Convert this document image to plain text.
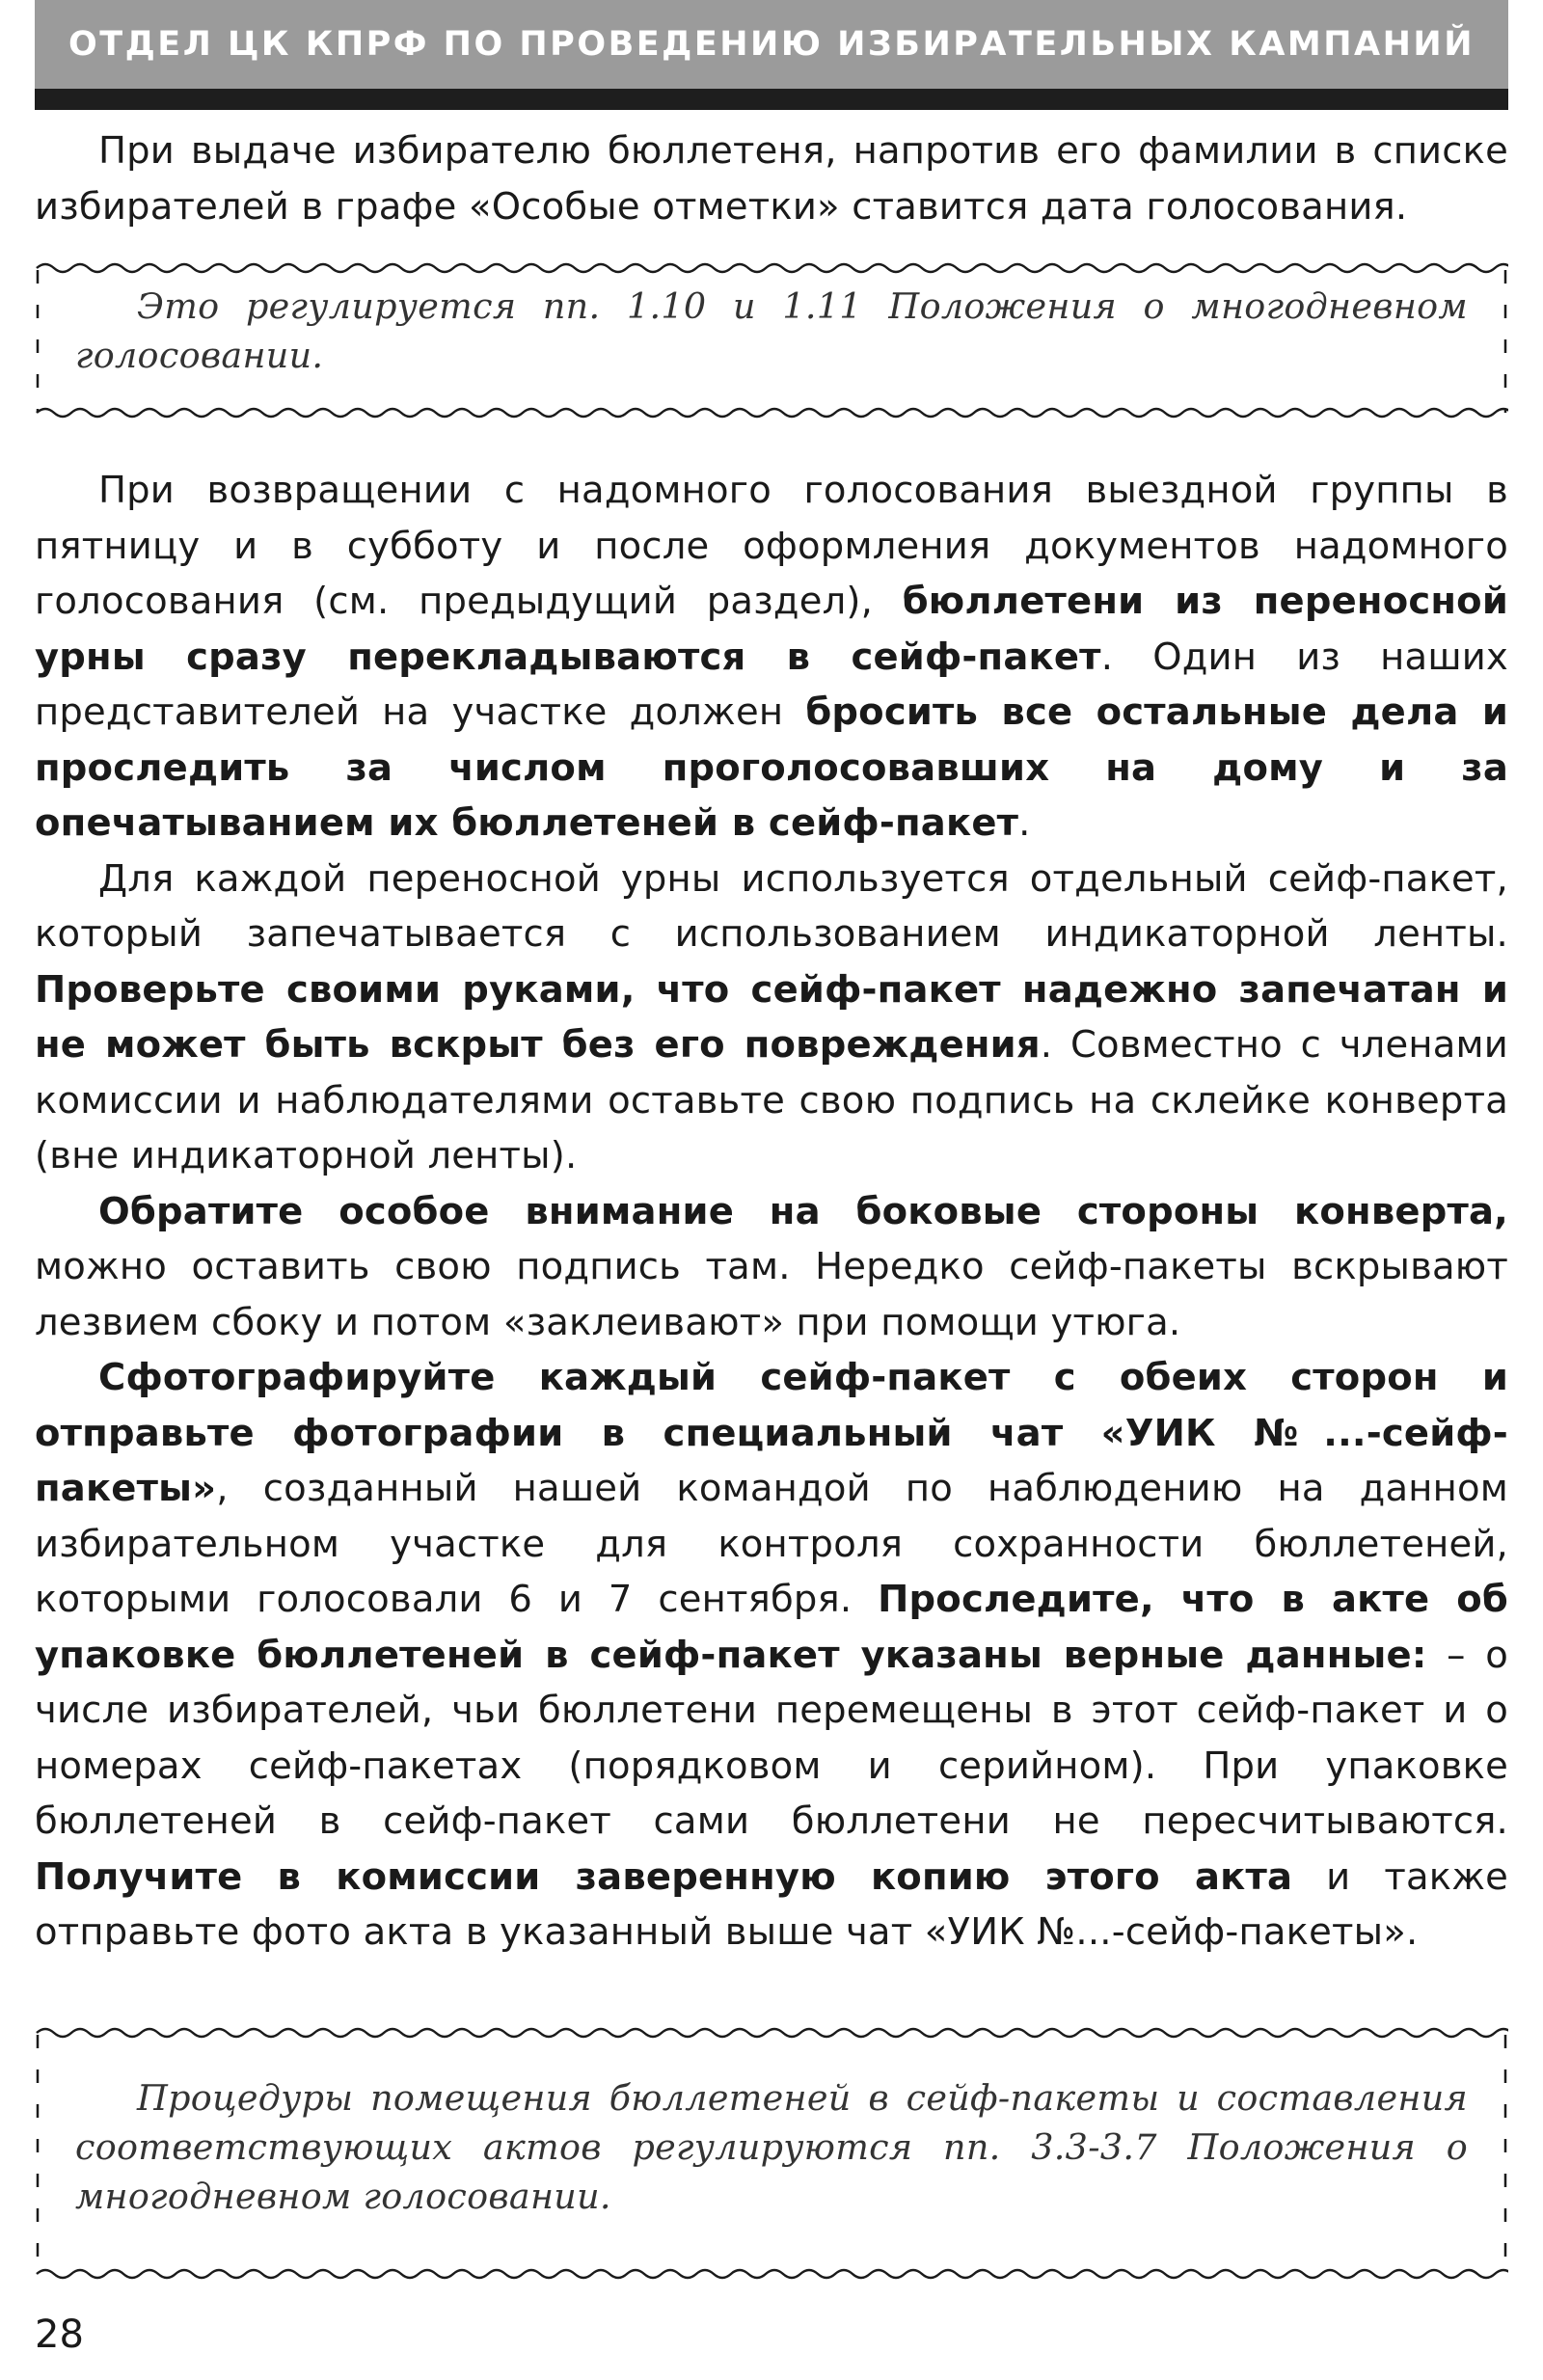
ОТДЕЛ ЦК КПРФ ПО ПРОВЕДЕНИЮ ИЗБИРАТЕЛЬНЫХ КАМПАНИЙ

При выдаче избирателю бюллетеня, напротив его фамилии в списке избирателей в графе «Особые отметки» ставится дата голосования.

Это регулируется пп. 1.10 и 1.11 Положения о многодневном голосовании.

При возвращении с надомного голосования выездной группы в пятницу и в субботу и после оформления документов надомного голосования (см. предыдущий раздел), бюллетени из переносной урны сразу перекладываются в сейф-пакет. Один из наших представителей на участке должен бросить все остальные дела и проследить за числом проголосовавших на дому и за опечатыванием их бюллетеней в сейф-пакет.

Для каждой переносной урны используется отдельный сейф-пакет, который запечатывается с использованием индикаторной ленты. Проверьте своими руками, что сейф-пакет надежно запечатан и не может быть вскрыт без его повреждения. Совместно с членами комиссии и наблюдателями оставьте свою подпись на склейке конверта (вне индикаторной ленты).

Обратите особое внимание на боковые стороны конверта, можно оставить свою подпись там. Нередко сейф-пакеты вскрывают лезвием сбоку и потом «заклеивают» при помощи утюга.

Сфотографируйте каждый сейф-пакет с обеих сторон и отправьте фотографии в специальный чат «УИК №...-сейф-пакеты», созданный нашей командой по наблюдению на данном избирательном участке для контроля сохранности бюллетеней, которыми голосовали 6 и 7 сентября. Проследите, что в акте об упаковке бюллетеней в сейф-пакет указаны верные данные: – о числе избирателей, чьи бюллетени перемещены в этот сейф-пакет и о номерах сейф-пакетах (порядковом и серийном). При упаковке бюллетеней в сейф-пакет сами бюллетени не пересчитываются. Получите в комиссии заверенную копию этого акта и также отправьте фото акта в указанный выше чат «УИК №...-сейф-пакеты».

Процедуры помещения бюллетеней в сейф-пакеты и составления соответствующих актов регулируются пп. 3.3-3.7 Положения о многодневном голосовании.

28
